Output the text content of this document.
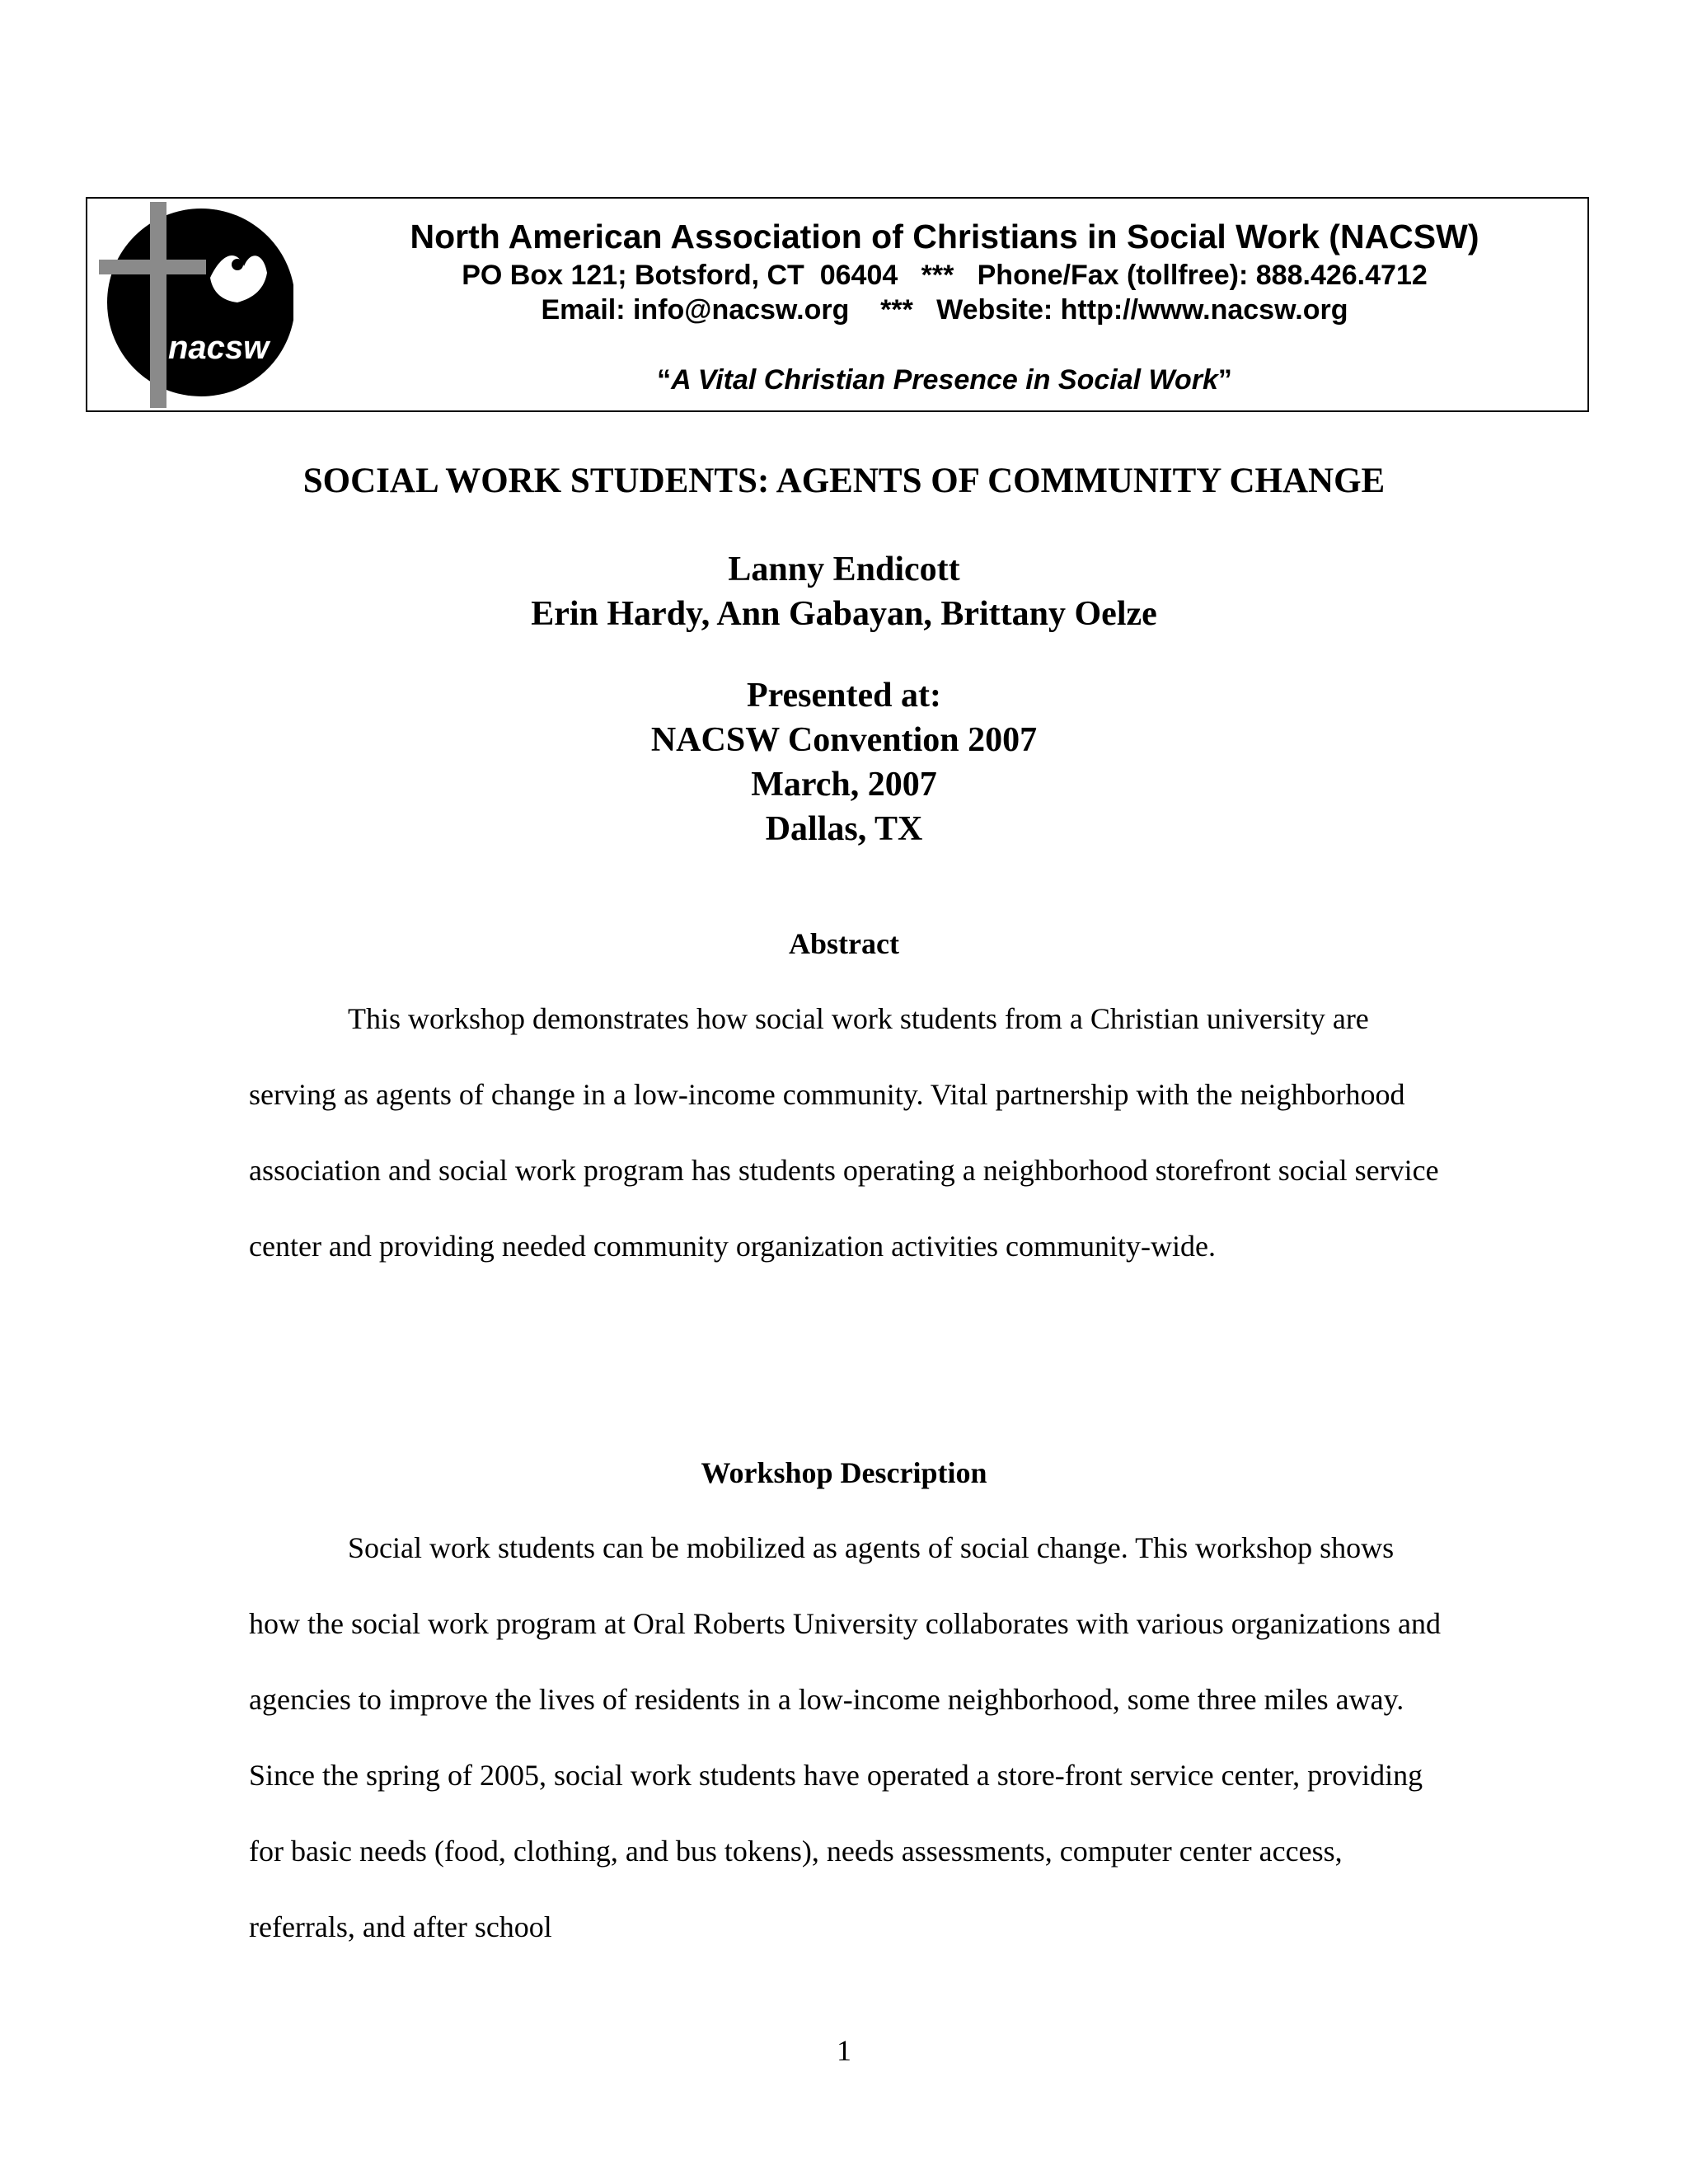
nacsw
North American Association of Christians in Social Work (NACSW)
PO Box 121; Botsford, CT  06404   ***   Phone/Fax (tollfree): 888.426.4712
Email: info@nacsw.org    ***   Website: http://www.nacsw.org
“A Vital Christian Presence in Social Work”
SOCIAL WORK STUDENTS: AGENTS OF COMMUNITY CHANGE
Lanny Endicott
Erin Hardy, Ann Gabayan, Brittany Oelze
Presented at:
NACSW Convention 2007
March, 2007
Dallas, TX
Abstract

This workshop demonstrates how social work students from a Christian university are serving as agents of change in a low-income community. Vital partnership with the neighborhood association and social work program has students operating a neighborhood storefront social service center and providing needed community organization activities community-wide.

Workshop Description

Social work students can be mobilized as agents of social change. This workshop shows how the social work program at Oral Roberts University collaborates with various organizations and agencies to improve the lives of residents in a low-income neighborhood, some three miles away. Since the spring of 2005, social work students have operated a store-front service center, providing for basic needs (food, clothing, and bus tokens), needs assessments, computer center access, referrals, and after school

1
